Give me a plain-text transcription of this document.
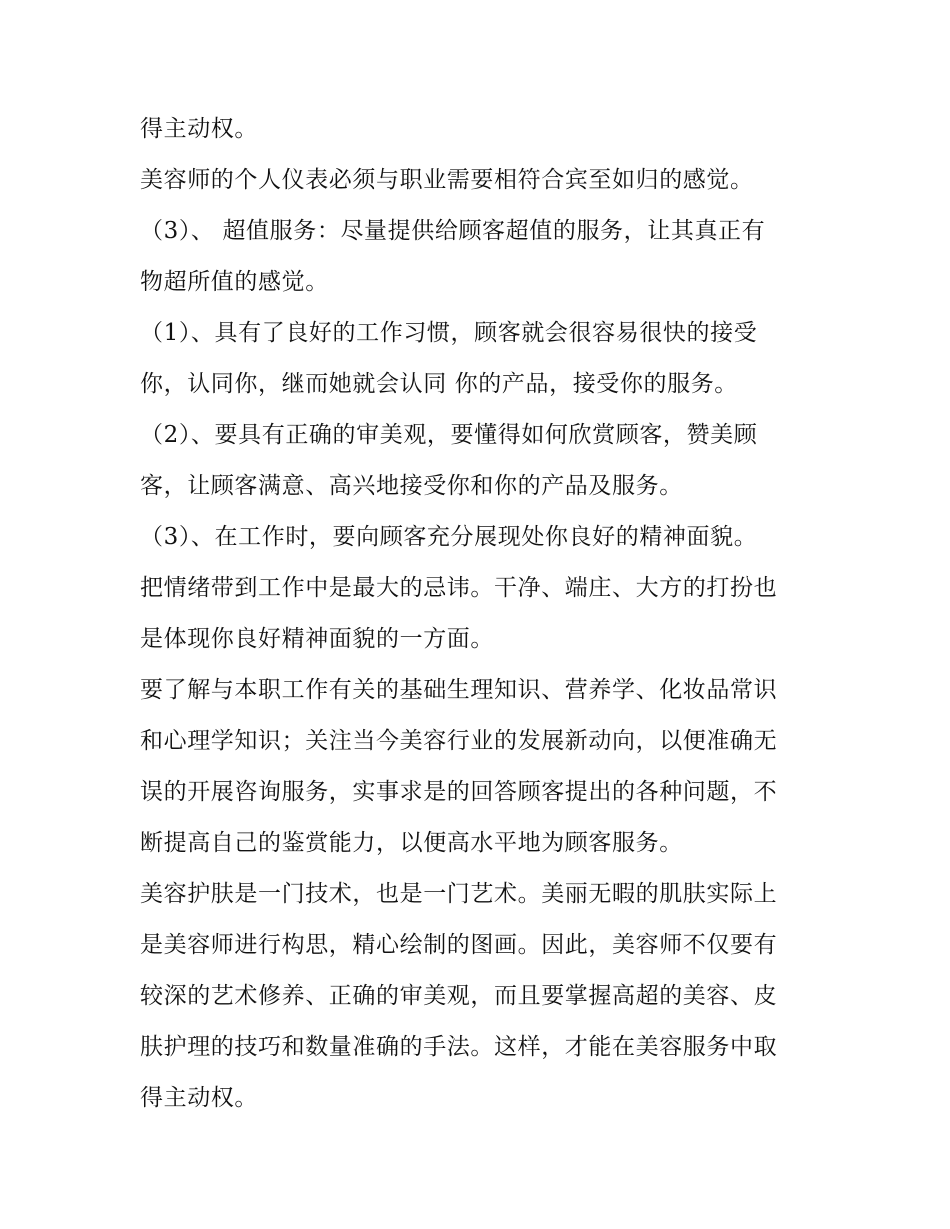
得主动权。
美容师的个人仪表必须与职业需要相符合宾至如归的感觉。
（3）、 超值服务：尽量提供给顾客超值的服务，让其真正有
物超所值的感觉。
（1）、具有了良好的工作习惯，顾客就会很容易很快的接受
你，认同你，继而她就会认同 你的产品，接受你的服务。
（2）、要具有正确的审美观，要懂得如何欣赏顾客，赞美顾
客，让顾客满意、高兴地接受你和你的产品及服务。
（3）、在工作时，要向顾客充分展现处你良好的精神面貌。
把情绪带到工作中是最大的忌讳。干净、端庄、大方的打扮也
是体现你良好精神面貌的一方面。
要了解与本职工作有关的基础生理知识、营养学、化妆品常识
和心理学知识；关注当今美容行业的发展新动向，以便准确无
误的开展咨询服务，实事求是的回答顾客提出的各种问题，不
断提高自己的鉴赏能力，以便高水平地为顾客服务。
美容护肤是一门技术，也是一门艺术。美丽无暇的肌肤实际上
是美容师进行构思，精心绘制的图画。因此，美容师不仅要有
较深的艺术修养、正确的审美观，而且要掌握高超的美容、皮
肤护理的技巧和数量准确的手法。这样，才能在美容服务中取
得主动权。
